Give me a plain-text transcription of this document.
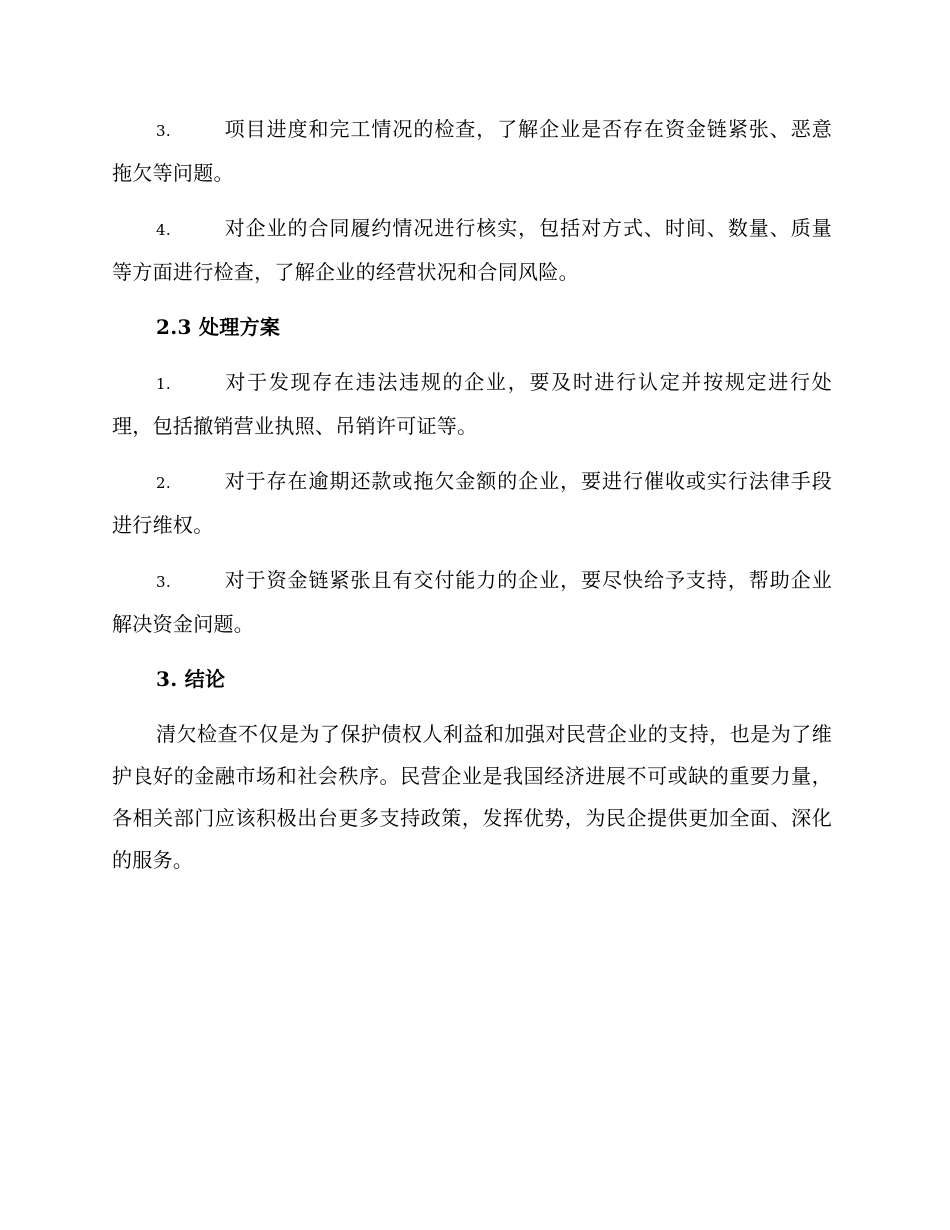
3.	项目进度和完工情况的检查，了解企业是否存在资金链紧张、恶意拖欠等问题。

4.	对企业的合同履约情况进行核实，包括对方式、时间、数量、质量等方面进行检查，了解企业的经营状况和合同风险。

2.3 处理方案

1.	对于发现存在违法违规的企业，要及时进行认定并按规定进行处理，包括撤销营业执照、吊销许可证等。

2.	对于存在逾期还款或拖欠金额的企业，要进行催收或实行法律手段进行维权。

3.	对于资金链紧张且有交付能力的企业，要尽快给予支持，帮助企业解决资金问题。

3. 结论

清欠检查不仅是为了保护债权人利益和加强对民营企业的支持，也是为了维护良好的金融市场和社会秩序。民营企业是我国经济进展不可或缺的重要力量，各相关部门应该积极出台更多支持政策，发挥优势，为民企提供更加全面、深化的服务。
